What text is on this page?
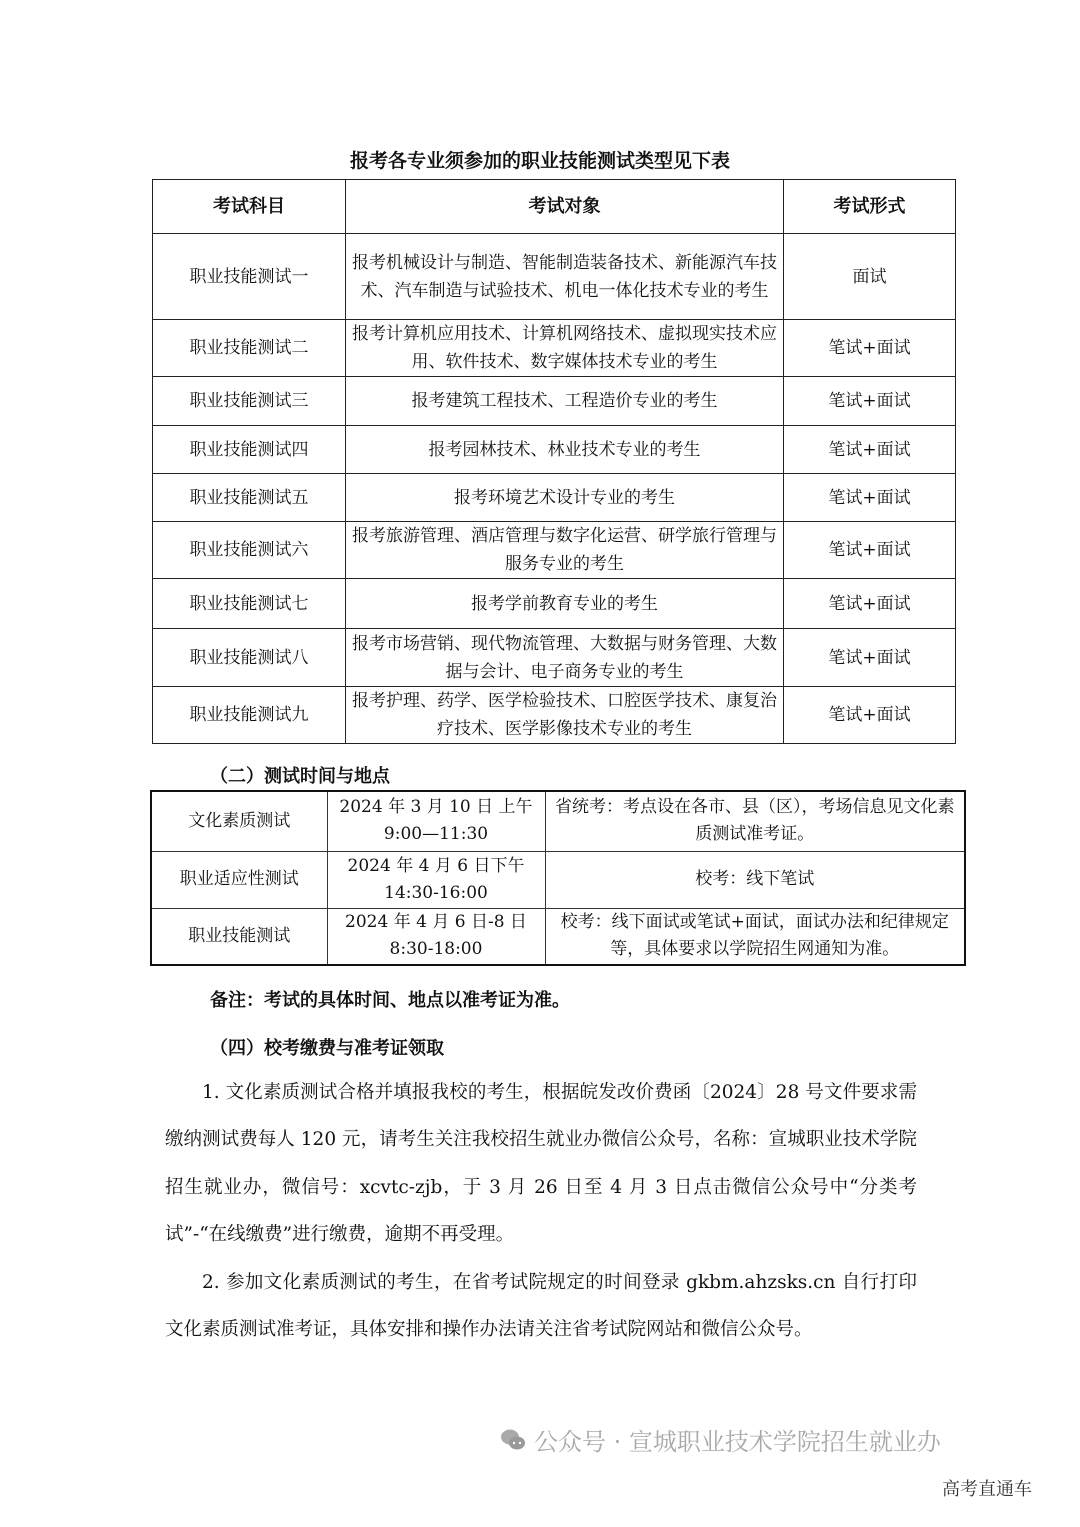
报考各专业须参加的职业技能测试类型见下表
考试科目	考试对象	考试形式
职业技能测试一	报考机械设计与制造、智能制造装备技术、新能源汽车技术、汽车制造与试验技术、机电一体化技术专业的考生	面试
职业技能测试二	报考计算机应用技术、计算机网络技术、虚拟现实技术应用、软件技术、数字媒体技术专业的考生	笔试+面试
职业技能测试三	报考建筑工程技术、工程造价专业的考生	笔试+面试
职业技能测试四	报考园林技术、林业技术专业的考生	笔试+面试
职业技能测试五	报考环境艺术设计专业的考生	笔试+面试
职业技能测试六	报考旅游管理、酒店管理与数字化运营、研学旅行管理与服务专业的考生	笔试+面试
职业技能测试七	报考学前教育专业的考生	笔试+面试
职业技能测试八	报考市场营销、现代物流管理、大数据与财务管理、大数据与会计、电子商务专业的考生	笔试+面试
职业技能测试九	报考护理、药学、医学检验技术、口腔医学技术、康复治疗技术、医学影像技术专业的考生	笔试+面试
（二）测试时间与地点
文化素质测试	2024 年 3 月 10 日 上午 9:00—11:30	省统考：考点设在各市、县（区），考场信息见文化素质测试准考证。
职业适应性测试	2024 年 4 月 6 日下午 14:30-16:00	校考：线下笔试
职业技能测试	2024 年 4 月 6 日-8 日 8:30-18:00	校考：线下面试或笔试+面试，面试办法和纪律规定等，具体要求以学院招生网通知为准。
备注：考试的具体时间、地点以准考证为准。
（四）校考缴费与准考证领取
1. 文化素质测试合格并填报我校的考生，根据皖发改价费函〔2024〕28 号文件要求需缴纳测试费每人 120 元，请考生关注我校招生就业办微信公众号，名称：宣城职业技术学院招生就业办，微信号：xcvtc-zjb，于 3 月 26 日至 4 月 3 日点击微信公众号中“分类考试”-“在线缴费”进行缴费，逾期不再受理。
2. 参加文化素质测试的考生，在省考试院规定的时间登录 gkbm.ahzsks.cn 自行打印文化素质测试准考证，具体安排和操作办法请关注省考试院网站和微信公众号。
公众号 · 宣城职业技术学院招生就业办
高考直通车
